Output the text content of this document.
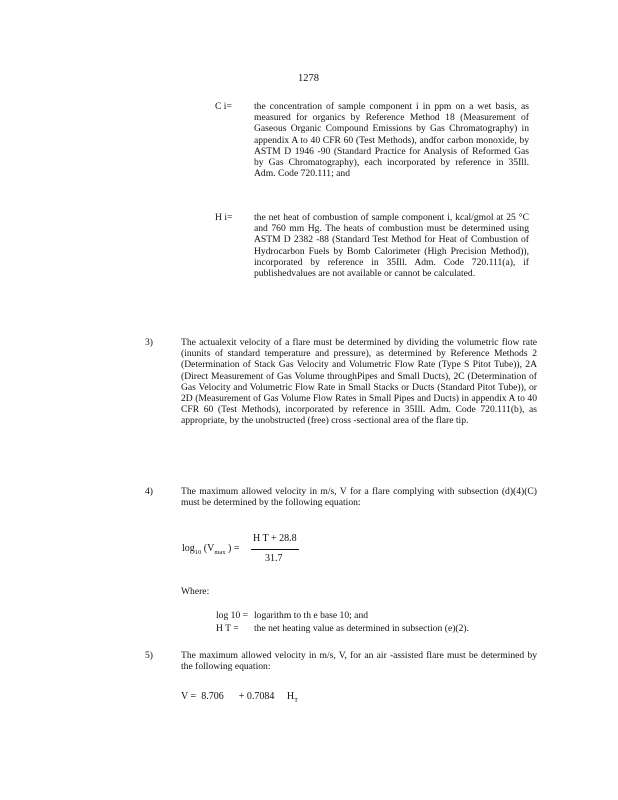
1278
C i= the concentration of sample component i in ppm on a wet basis, as measured for organics by Reference Method 18 (Measurement of Gaseous Organic Compound Emissions by Gas Chromatography) in appendix A to 40 CFR 60 (Test Methods), andfor carbon monoxide, by ASTM D 1946 -90 (Standard Practice for Analysis of Reformed Gas by Gas Chromatography), each incorporated by reference in 35Ill. Adm. Code 720.111; and
H i= the net heat of combustion of sample component i, kcal/gmol at 25 °C and 760 mm Hg. The heats of combustion must be determined using ASTM D 2382 -88 (Standard Test Method for Heat of Combustion of Hydrocarbon Fuels by Bomb Calorimeter (High Precision Method)), incorporated by reference in 35Ill. Adm. Code 720.111(a), if publishedvalues are not available or cannot be calculated.
3)	The actualexit velocity of a flare must be determined by dividing the volumetric flow rate (inunits of standard temperature and pressure), as determined by Reference Methods 2 (Determination of Stack Gas Velocity and Volumetric Flow Rate (Type S Pitot Tube)), 2A (Direct Measurement of Gas Volume throughPipes and Small Ducts), 2C (Determination of Gas Velocity and Volumetric Flow Rate in Small Stacks or Ducts (Standard Pitot Tube)), or 2D (Measurement of Gas Volume Flow Rates in Small Pipes and Ducts) in appendix A to 40 CFR 60 (Test Methods), incorporated by reference in 35Ill. Adm. Code 720.111(b), as appropriate, by the unobstructed (free) cross -sectional area of the flare tip.
4)	The maximum allowed velocity in m/s, V for a flare complying with subsection (d)(4)(C) must be determined by the following equation:
$\log_{10} (V_{max}$ ) =
H T + 28.8
31.7
Where:
log 10 = logarithm to th e base 10; and
H T = the net heating value as determined in subsection (e)(2).
5)	The maximum allowed velocity in m/s, V, for an air -assisted flare must be determined by the following equation:
V = 8.706 + 0.7084 $H_T$
